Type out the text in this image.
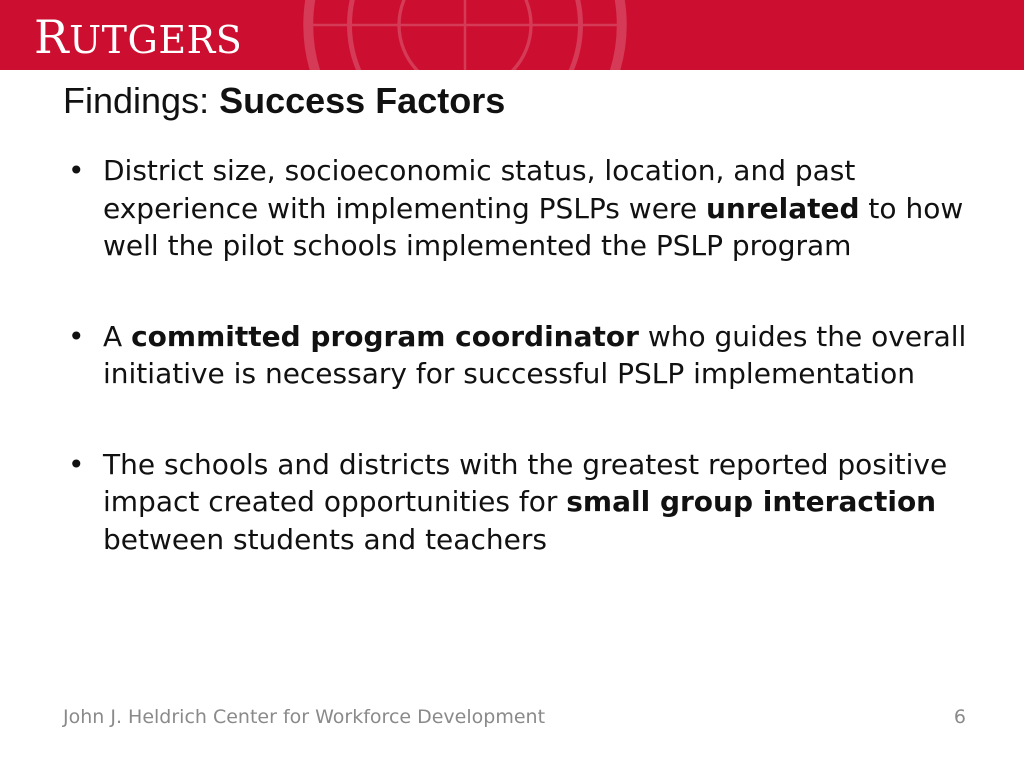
RUTGERS
Findings: Success Factors
• District size, socioeconomic status, location, and past experience with implementing PSLPs were unrelated to how well the pilot schools implemented the PSLP program
• A committed program coordinator who guides the overall initiative is necessary for successful PSLP implementation
• The schools and districts with the greatest reported positive impact created opportunities for small group interaction between students and teachers
John J. Heldrich Center for Workforce Development	6
